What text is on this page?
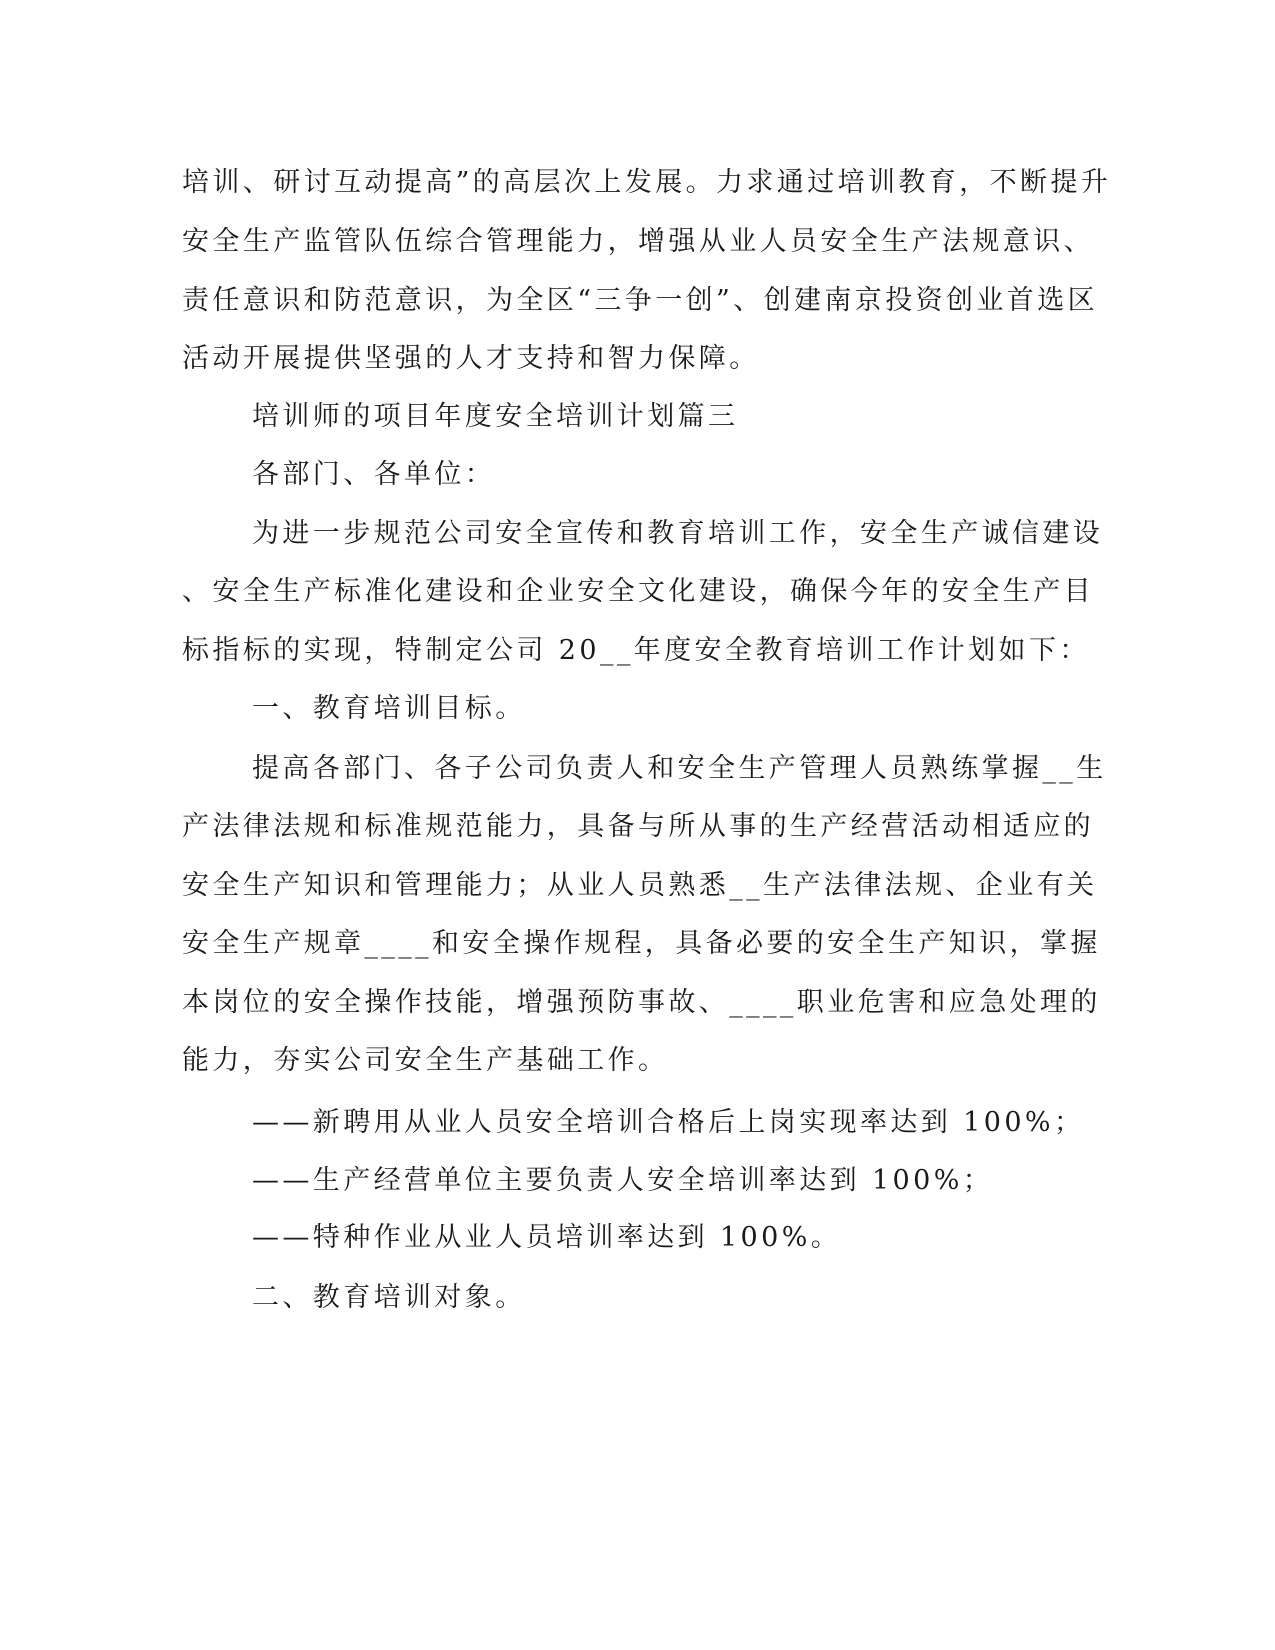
培训、研讨互动提高”的高层次上发展。力求通过培训教育，不断提升

安全生产监管队伍综合管理能力，增强从业人员安全生产法规意识、

责任意识和防范意识，为全区“三争一创”、创建南京投资创业首选区

活动开展提供坚强的人才支持和智力保障。

培训师的项目年度安全培训计划篇三

各部门、各单位：

为进一步规范公司安全宣传和教育培训工作，安全生产诚信建设

、安全生产标准化建设和企业安全文化建设，确保今年的安全生产目

标指标的实现，特制定公司 20__年度安全教育培训工作计划如下：

一、教育培训目标。

提高各部门、各子公司负责人和安全生产管理人员熟练掌握__生

产法律法规和标准规范能力，具备与所从事的生产经营活动相适应的

安全生产知识和管理能力；从业人员熟悉__生产法律法规、企业有关

安全生产规章____和安全操作规程，具备必要的安全生产知识，掌握

本岗位的安全操作技能，增强预防事故、____职业危害和应急处理的

能力，夯实公司安全生产基础工作。

——新聘用从业人员安全培训合格后上岗实现率达到 100%；

——生产经营单位主要负责人安全培训率达到 100%；

——特种作业从业人员培训率达到 100%。

二、教育培训对象。
